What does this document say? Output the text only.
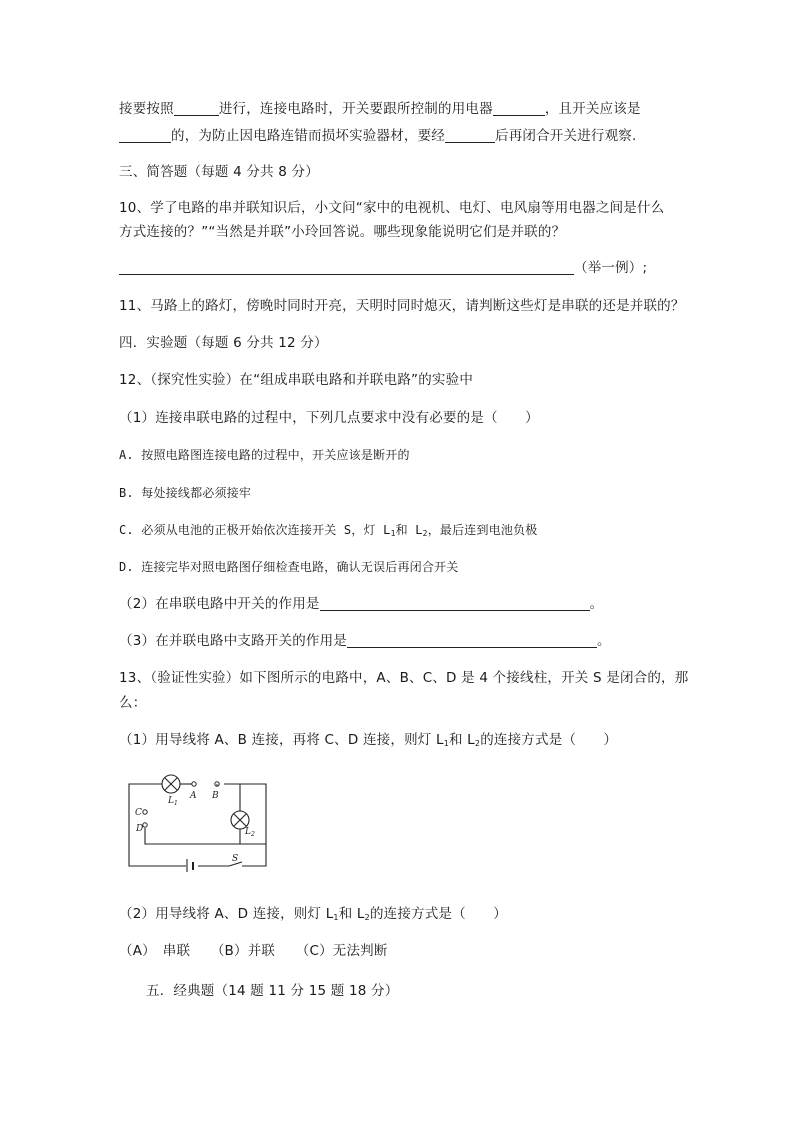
接要按照	进行，连接电路时，开关要跟所控制的用电器	，且开关应该是
的，为防止因电路连错而损坏实验器材，要经	后再闭合开关进行观察.
三、简答题（每题 4 分共 8 分）
10、学了电路的串并联知识后，小文问“家中的电视机、电灯、电风扇等用电器之间是什么
方式连接的？”“当然是并联”小玲回答说。哪些现象能说明它们是并联的？
（举一例）;
11、马路上的路灯，傍晚时同时开亮，天明时同时熄灭，请判断这些灯是串联的还是并联的？
四．实验题（每题 6 分共 12 分）
12、（探究性实验）在“组成串联电路和并联电路”的实验中
（1）连接串联电路的过程中，下列几点要求中没有必要的是（　　）
A. 按照电路图连接电路的过程中，开关应该是断开的
B. 每处接线都必须接牢
C. 必须从电池的正极开始依次连接开关 S，灯 $L_1$和 $L_2$，最后连到电池负极
D. 连接完毕对照电路图仔细检查电路，确认无误后再闭合开关
（2）在串联电路中开关的作用是	。
（3）在并联电路中支路开关的作用是	。
13、（验证性实验）如下图所示的电路中，A、B、C、D 是 4 个接线柱，开关 S 是闭合的，那
么：
（1）用导线将 A、B 连接，再将 C、D 连接，则灯 $L_1$和 $L_2$的连接方式是（　　）
$L_1$
A B
C
D	$L_2$
S
（2）用导线将 A、D 连接，则灯 $L_1$和 $L_2$的连接方式是（　　）
（A）　串联　　（B）并联　　（C）无法判断
五．经典题（14 题 11 分 15 题 18 分）
